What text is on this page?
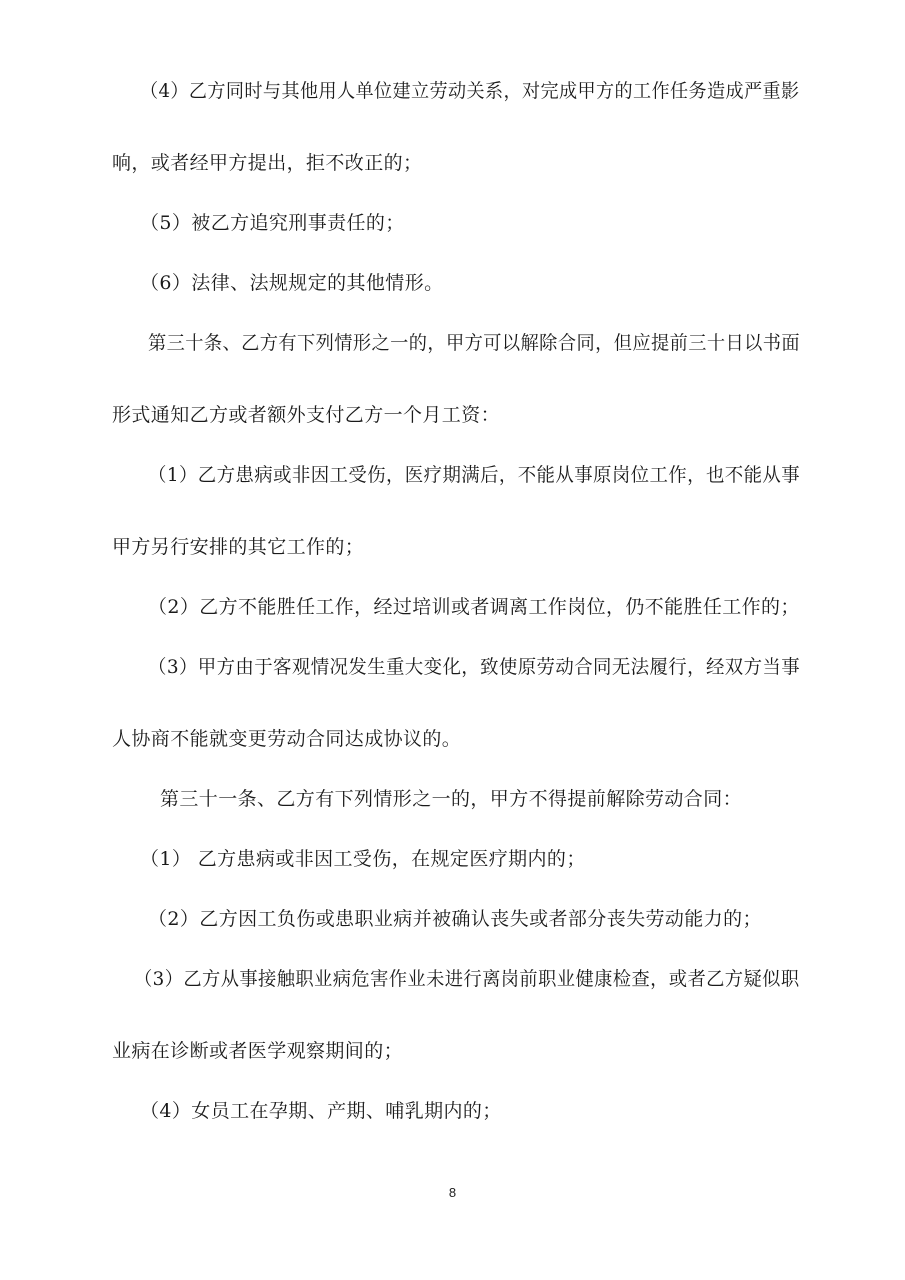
（4）乙方同时与其他用人单位建立劳动关系，对完成甲方的工作任务造成严重影
响，或者经甲方提出，拒不改正的；
（5）被乙方追究刑事责任的；
（6）法律、法规规定的其他情形。
第三十条、乙方有下列情形之一的，甲方可以解除合同，但应提前三十日以书面
形式通知乙方或者额外支付乙方一个月工资：
（1）乙方患病或非因工受伤，医疗期满后，不能从事原岗位工作，也不能从事
甲方另行安排的其它工作的；
（2）乙方不能胜任工作，经过培训或者调离工作岗位，仍不能胜任工作的；
（3）甲方由于客观情况发生重大变化，致使原劳动合同无法履行，经双方当事
人协商不能就变更劳动合同达成协议的。
第三十一条、乙方有下列情形之一的，甲方不得提前解除劳动合同：
（1） 乙方患病或非因工受伤，在规定医疗期内的；
（2）乙方因工负伤或患职业病并被确认丧失或者部分丧失劳动能力的；
（3）乙方从事接触职业病危害作业未进行离岗前职业健康检查，或者乙方疑似职
业病在诊断或者医学观察期间的；
（4）女员工在孕期、产期、哺乳期内的；
8
